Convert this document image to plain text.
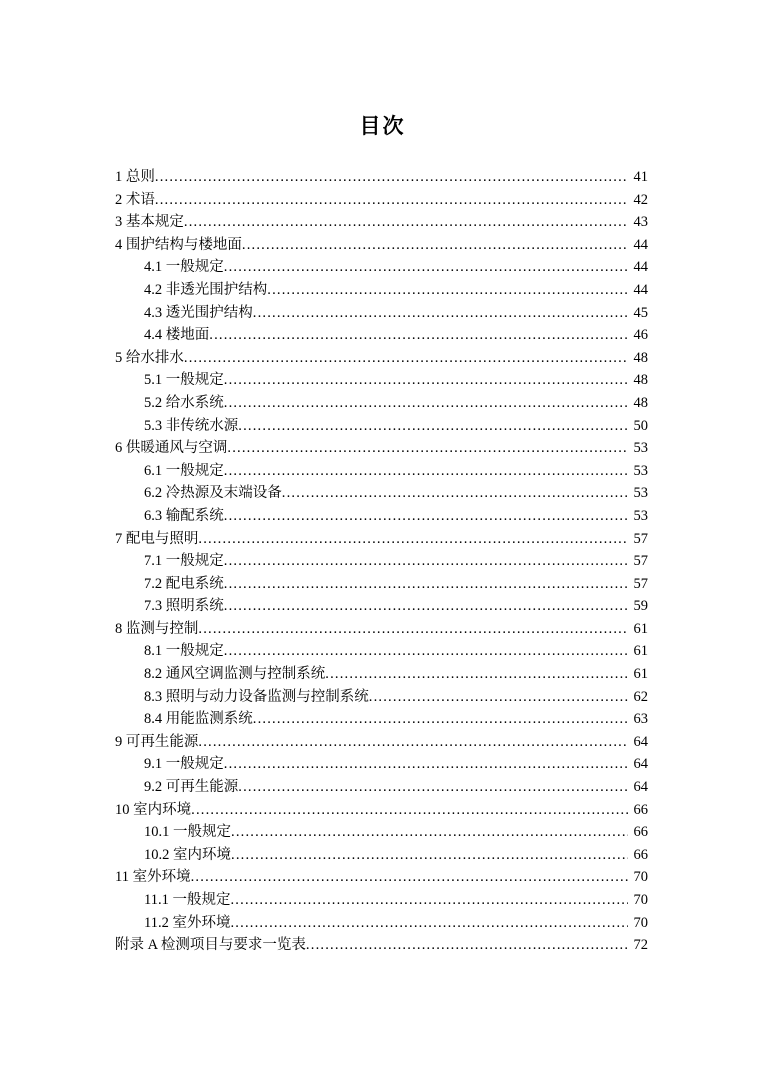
目次
1 总则 .....	41
2 术语 .....	42
3 基本规定 .....	43
4 围护结构与楼地面 .....	44
4.1 一般规定 .....	44
4.2 非透光围护结构 .....	44
4.3 透光围护结构 .....	45
4.4 楼地面 .....	46
5 给水排水 .....	48
5.1 一般规定 .....	48
5.2 给水系统 .....	48
5.3 非传统水源 .....	50
6 供暖通风与空调 .....	53
6.1 一般规定 .....	53
6.2 冷热源及末端设备 .....	53
6.3 输配系统 .....	53
7 配电与照明 .....	57
7.1 一般规定 .....	57
7.2 配电系统 .....	57
7.3 照明系统 .....	59
8 监测与控制 .....	61
8.1 一般规定 .....	61
8.2 通风空调监测与控制系统 .....	61
8.3 照明与动力设备监测与控制系统 .....	62
8.4 用能监测系统 .....	63
9 可再生能源 .....	64
9.1 一般规定 .....	64
9.2 可再生能源 .....	64
10 室内环境 .....	66
10.1 一般规定 .....	66
10.2 室内环境 .....	66
11 室外环境 .....	70
11.1 一般规定 .....	70
11.2 室外环境 .....	70
附录 A 检测项目与要求一览表 .....	72
